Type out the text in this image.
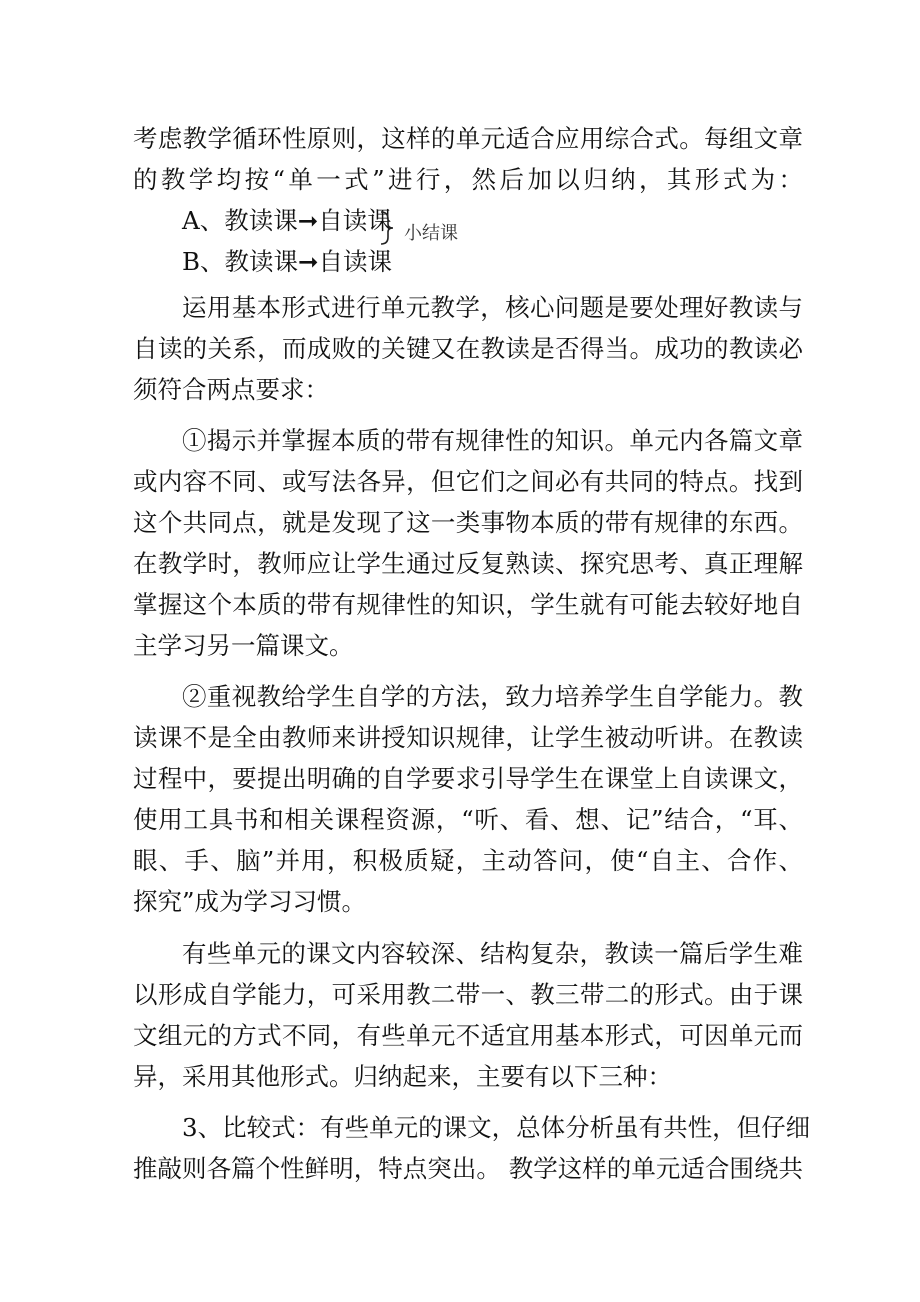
考虑教学循环性原则，这样的单元适合应用综合式。每组文章
的教学均按“单一式”进行，然后加以归纳，其形式为：
A、教读课➞自读课
B、教读课➞自读课
小结课
运用基本形式进行单元教学，核心问题是要处理好教读与
自读的关系，而成败的关键又在教读是否得当。成功的教读必
须符合两点要求：
①揭示并掌握本质的带有规律性的知识。单元内各篇文章
或内容不同、或写法各异，但它们之间必有共同的特点。找到
这个共同点，就是发现了这一类事物本质的带有规律的东西。
在教学时，教师应让学生通过反复熟读、探究思考、真正理解
掌握这个本质的带有规律性的知识，学生就有可能去较好地自
主学习另一篇课文。
②重视教给学生自学的方法，致力培养学生自学能力。教
读课不是全由教师来讲授知识规律，让学生被动听讲。在教读
过程中，要提出明确的自学要求引导学生在课堂上自读课文，
使用工具书和相关课程资源，“听、看、想、记”结合，“耳、
眼、手、脑”并用，积极质疑，主动答问，使“自主、合作、
探究”成为学习习惯。
有些单元的课文内容较深、结构复杂，教读一篇后学生难
以形成自学能力，可采用教二带一、教三带二的形式。由于课
文组元的方式不同，有些单元不适宜用基本形式，可因单元而
异，采用其他形式。归纳起来，主要有以下三种：
3、比较式：有些单元的课文，总体分析虽有共性，但仔细
推敲则各篇个性鲜明，特点突出。 教学这样的单元适合围绕共
